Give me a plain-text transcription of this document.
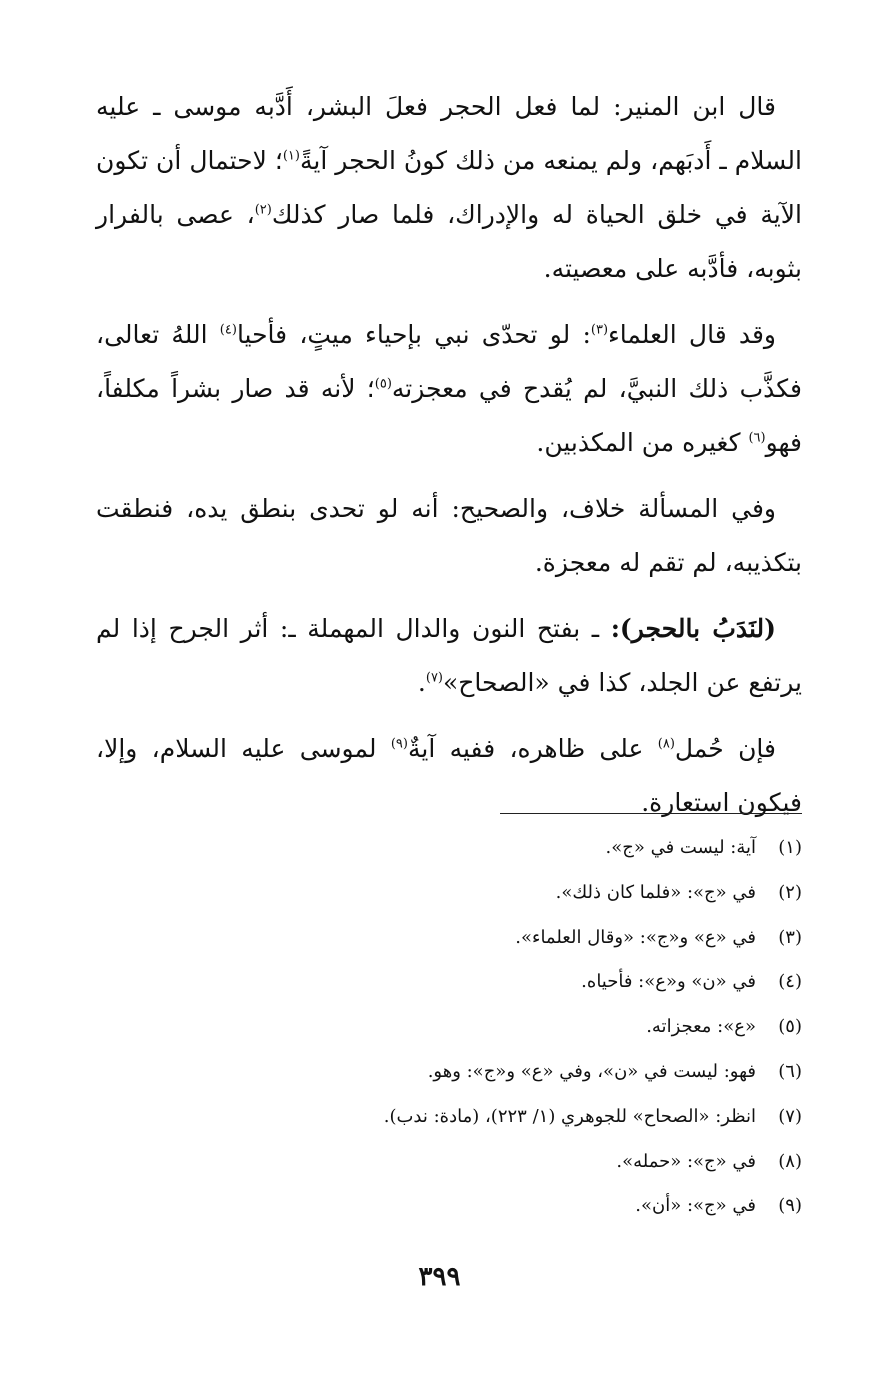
قال ابن المنير: لما فعل الحجر فعلَ البشر، أَدَّبه موسى ـ عليه السلام ـ أَدبَهم، ولم يمنعه من ذلك كونُ الحجر آيةً$^{(١)}$؛ لاحتمال أن تكون الآية في خلق الحياة له والإدراك، فلما صار كذلك$^{(٢)}$، عصى بالفرار بثوبه، فأدَّبه على معصيته.

وقد قال العلماء$^{(٣)}$: لو تحدّى نبي بإحياء ميتٍ، فأحيا$^{(٤)}$ اللهُ تعالى، فكذَّب ذلك النبيَّ، لم يُقدح في معجزته$^{(٥)}$؛ لأنه قد صار بشراً مكلفاً، فهو$^{(٦)}$ كغيره من المكذبين.

وفي المسألة خلاف، والصحيح: أنه لو تحدى بنطق يده، فنطقت بتكذيبه، لم تقم له معجزة.

(لنَدَبُ بالحجر): ـ بفتح النون والدال المهملة ـ: أثر الجرح إذا لم يرتفع عن الجلد، كذا في «الصحاح»$^{(٧)}$.

فإن حُمل$^{(٨)}$ على ظاهره، ففيه آيةٌ$^{(٩)}$ لموسى عليه السلام، وإلا، فيكون استعارة.

(١)آية: ليست في «ج».
(٢)في «ج»: «فلما كان ذلك».
(٣)في «ع» و«ج»: «وقال العلماء».
(٤)في «ن» و«ع»: فأحياه.
(٥)«ع»: معجزاته.
(٦)فهو: ليست في «ن»، وفي «ع» و«ج»: وهو.
(٧)انظر: «الصحاح» للجوهري (١/ ٢٢٣)، (مادة: ندب).
(٨)في «ج»: «حمله».
(٩)في «ج»: «أن».
٣٩٩
